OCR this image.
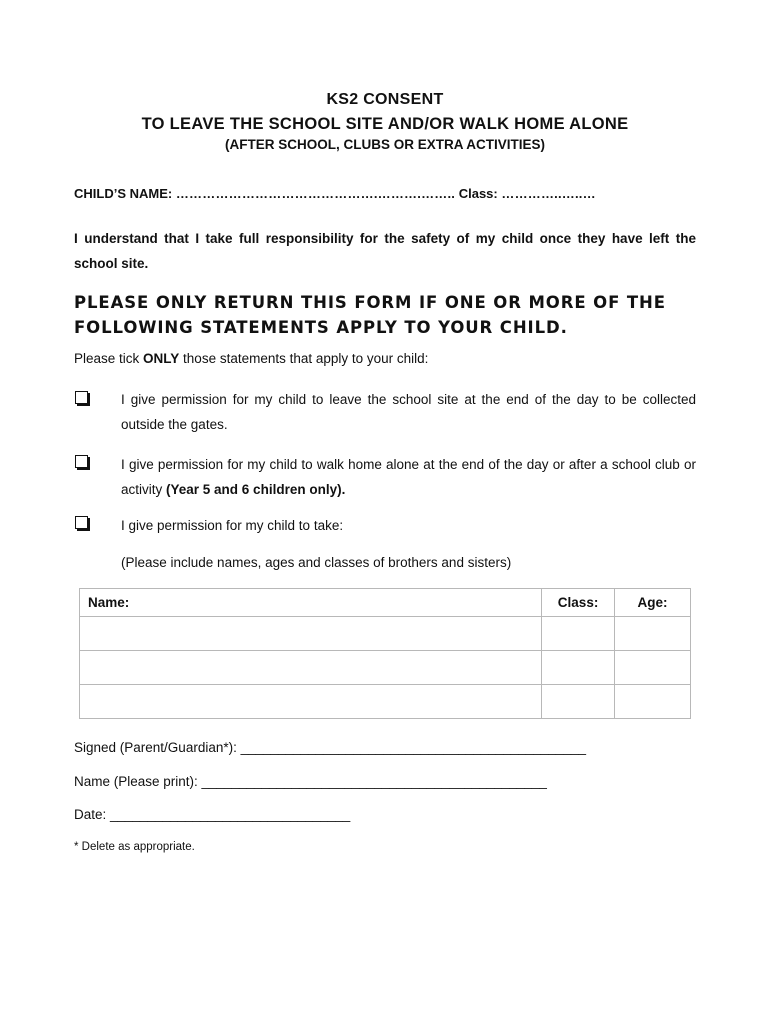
KS2 CONSENT
TO LEAVE THE SCHOOL SITE AND/OR WALK HOME ALONE
(AFTER SCHOOL, CLUBS OR EXTRA ACTIVITIES)
CHILD’S NAME: ……………………………………….……….…….. Class: …………..…..…
I understand that I take full responsibility for the safety of my child once they have left the school site.
PLEASE ONLY RETURN THIS FORM IF ONE OR MORE OF THE FOLLOWING STATEMENTS APPLY TO YOUR CHILD.
Please tick ONLY those statements that apply to your child:
I give permission for my child to leave the school site at the end of the day to be collected outside the gates.
I give permission for my child to walk home alone at the end of the day or after a school club or activity (Year 5 and 6 children only).
I give permission for my child to take:
(Please include names, ages and classes of brothers and sisters)
Name:	Class:	Age:

Signed (Parent/Guardian*): ______________________________________________
Name (Please print): ______________________________________________
Date: ________________________________
* Delete as appropriate.
